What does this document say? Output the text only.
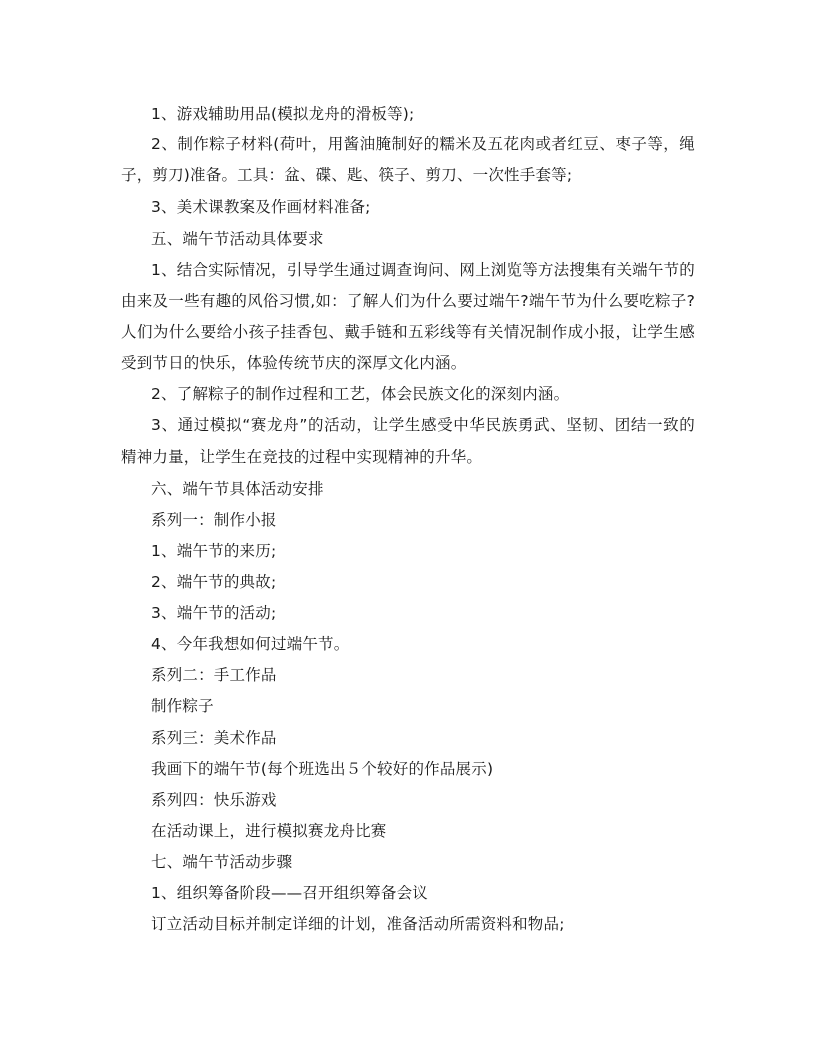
1、游戏辅助用品(模拟龙舟的滑板等);
2、制作粽子材料(荷叶，用酱油腌制好的糯米及五花肉或者红豆、枣子等，绳
子，剪刀)准备。工具：盆、碟、匙、筷子、剪刀、一次性手套等;
3、美术课教案及作画材料准备;
五、端午节活动具体要求
1、结合实际情况，引导学生通过调查询问、网上浏览等方法搜集有关端午节的
由来及一些有趣的风俗习惯,如：了解人们为什么要过端午?端午节为什么要吃粽子?
人们为什么要给小孩子挂香包、戴手链和五彩线等有关情况制作成小报，让学生感
受到节日的快乐，体验传统节庆的深厚文化内涵。
2、了解粽子的制作过程和工艺，体会民族文化的深刻内涵。
3、通过模拟“赛龙舟”的活动，让学生感受中华民族勇武、坚韧、团结一致的
精神力量，让学生在竞技的过程中实现精神的升华。
六、端午节具体活动安排
系列一：制作小报
1、端午节的来历;
2、端午节的典故;
3、端午节的活动;
4、今年我想如何过端午节。
系列二：手工作品
制作粽子
系列三：美术作品
我画下的端午节(每个班选出５个较好的作品展示)
系列四：快乐游戏
在活动课上，进行模拟赛龙舟比赛
七、端午节活动步骤
1、组织筹备阶段——召开组织筹备会议
订立活动目标并制定详细的计划，准备活动所需资料和物品;
